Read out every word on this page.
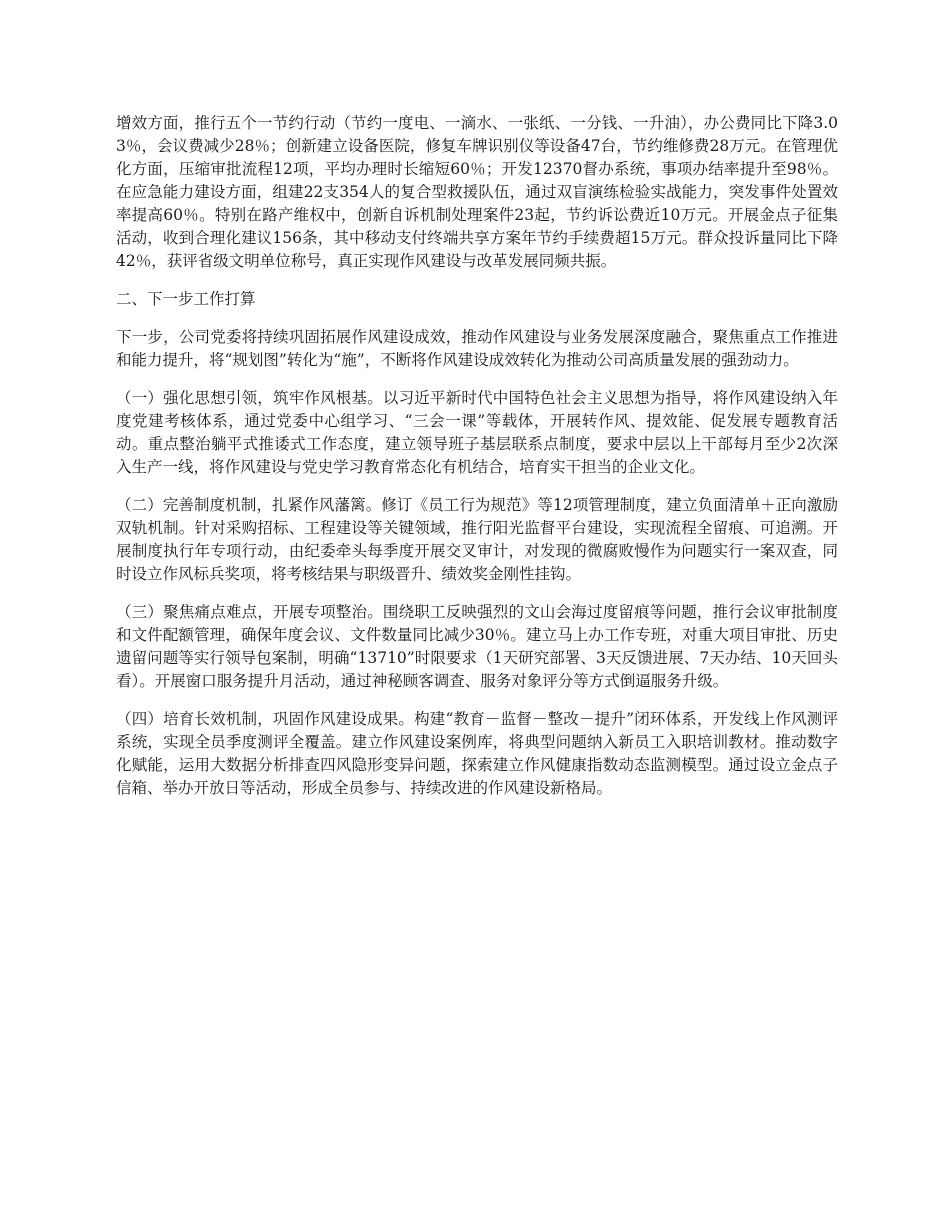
增效方面，推行五个一节约行动（节约一度电、一滴水、一张纸、一分钱、一升油），办公费同比下降3.03％，会议费减少28％；创新建立设备医院，修复车牌识别仪等设备47台，节约维修费28万元。在管理优化方面，压缩审批流程12项，平均办理时长缩短60％；开发12370督办系统，事项办结率提升至98％。在应急能力建设方面，组建22支354人的复合型救援队伍，通过双盲演练检验实战能力，突发事件处置效率提高60％。特别在路产维权中，创新自诉机制处理案件23起，节约诉讼费近10万元。开展金点子征集活动，收到合理化建议156条，其中移动支付终端共享方案年节约手续费超15万元。群众投诉量同比下降42％，获评省级文明单位称号，真正实现作风建设与改革发展同频共振。

二、下一步工作打算

下一步，公司党委将持续巩固拓展作风建设成效，推动作风建设与业务发展深度融合，聚焦重点工作推进和能力提升，将“规划图”转化为“施”，不断将作风建设成效转化为推动公司高质量发展的强劲动力。

（一）强化思想引领，筑牢作风根基。以习近平新时代中国特色社会主义思想为指导，将作风建设纳入年度党建考核体系，通过党委中心组学习、“三会一课”等载体，开展转作风、提效能、促发展专题教育活动。重点整治躺平式推诿式工作态度，建立领导班子基层联系点制度，要求中层以上干部每月至少2次深入生产一线，将作风建设与党史学习教育常态化有机结合，培育实干担当的企业文化。

（二）完善制度机制，扎紧作风藩篱。修订《员工行为规范》等12项管理制度，建立负面清单＋正向激励双轨机制。针对采购招标、工程建设等关键领域，推行阳光监督平台建设，实现流程全留痕、可追溯。开展制度执行年专项行动，由纪委牵头每季度开展交叉审计，对发现的微腐败慢作为问题实行一案双查，同时设立作风标兵奖项，将考核结果与职级晋升、绩效奖金刚性挂钩。

（三）聚焦痛点难点，开展专项整治。围绕职工反映强烈的文山会海过度留痕等问题，推行会议审批制度和文件配额管理，确保年度会议、文件数量同比减少30％。建立马上办工作专班，对重大项目审批、历史遗留问题等实行领导包案制，明确“13710”时限要求（1天研究部署、3天反馈进展、7天办结、10天回头看）。开展窗口服务提升月活动，通过神秘顾客调查、服务对象评分等方式倒逼服务升级。

（四）培育长效机制，巩固作风建设成果。构建“教育－监督－整改－提升”闭环体系，开发线上作风测评系统，实现全员季度测评全覆盖。建立作风建设案例库，将典型问题纳入新员工入职培训教材。推动数字化赋能，运用大数据分析排查四风隐形变异问题，探索建立作风健康指数动态监测模型。通过设立金点子信箱、举办开放日等活动，形成全员参与、持续改进的作风建设新格局。
